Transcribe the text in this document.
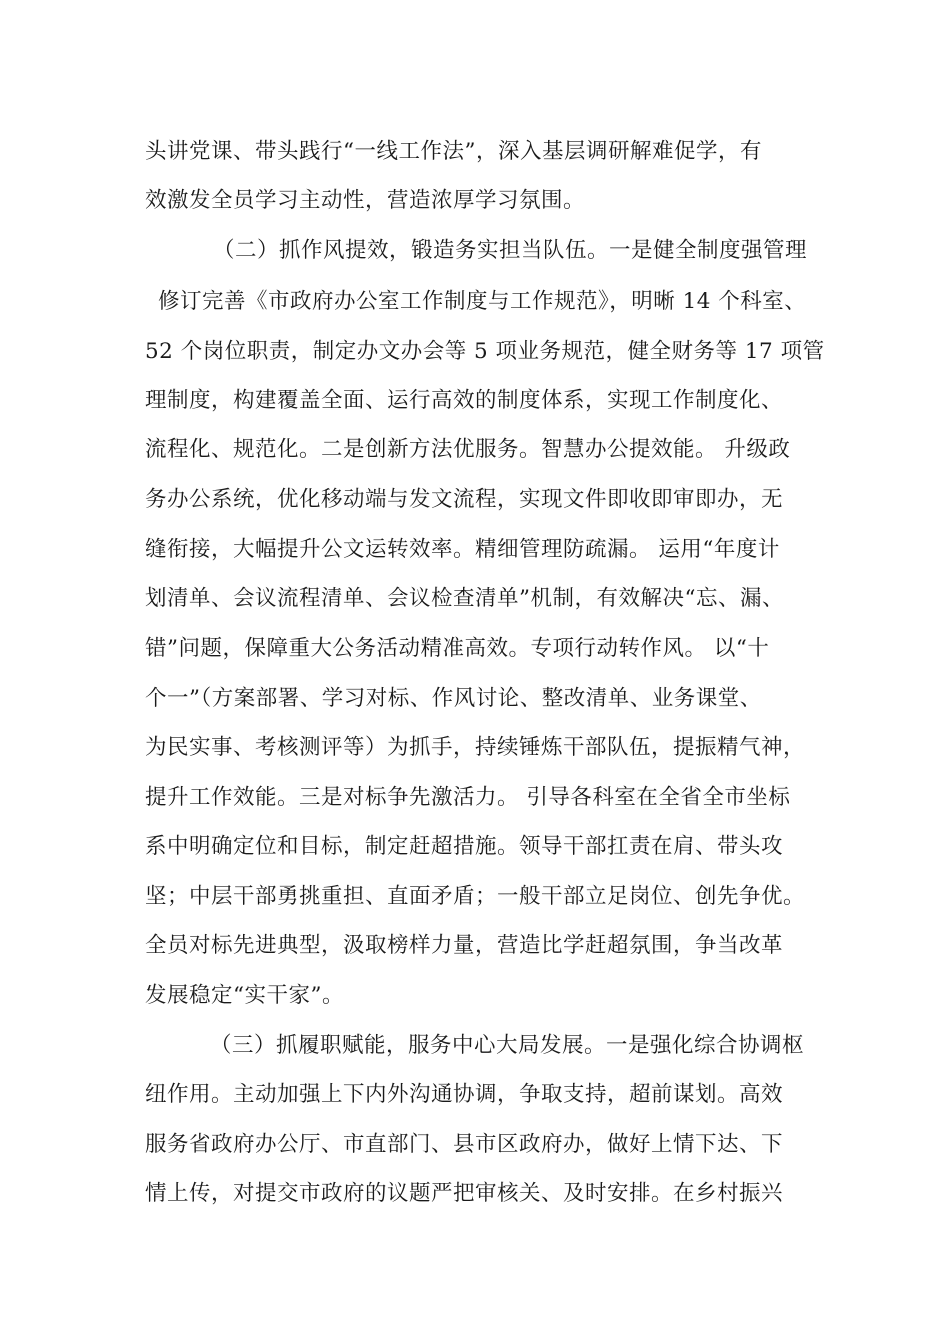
头讲党课、带头践行“一线工作法”，深入基层调研解难促学，有
效激发全员学习主动性，营造浓厚学习氛围。
（二）抓作风提效，锻造务实担当队伍。一是健全制度强管理
修订完善《市政府办公室工作制度与工作规范》，明晰 14 个科室、
52 个岗位职责，制定办文办会等 5 项业务规范，健全财务等 17 项管
理制度，构建覆盖全面、运行高效的制度体系，实现工作制度化、
流程化、规范化。二是创新方法优服务。智慧办公提效能。 升级政
务办公系统，优化移动端与发文流程，实现文件即收即审即办，无
缝衔接，大幅提升公文运转效率。精细管理防疏漏。 运用“年度计
划清单、会议流程清单、会议检查清单”机制，有效解决“忘、漏、
错”问题，保障重大公务活动精准高效。专项行动转作风。 以“十
个一”（方案部署、学习对标、作风讨论、整改清单、业务课堂、
为民实事、考核测评等）为抓手，持续锤炼干部队伍，提振精气神，
提升工作效能。三是对标争先激活力。 引导各科室在全省全市坐标
系中明确定位和目标，制定赶超措施。领导干部扛责在肩、带头攻
坚；中层干部勇挑重担、直面矛盾；一般干部立足岗位、创先争优。
全员对标先进典型，汲取榜样力量，营造比学赶超氛围，争当改革
发展稳定“实干家”。
（三）抓履职赋能，服务中心大局发展。一是强化综合协调枢
纽作用。主动加强上下内外沟通协调，争取支持，超前谋划。高效
服务省政府办公厅、市直部门、县市区政府办，做好上情下达、下
情上传，对提交市政府的议题严把审核关、及时安排。在乡村振兴
